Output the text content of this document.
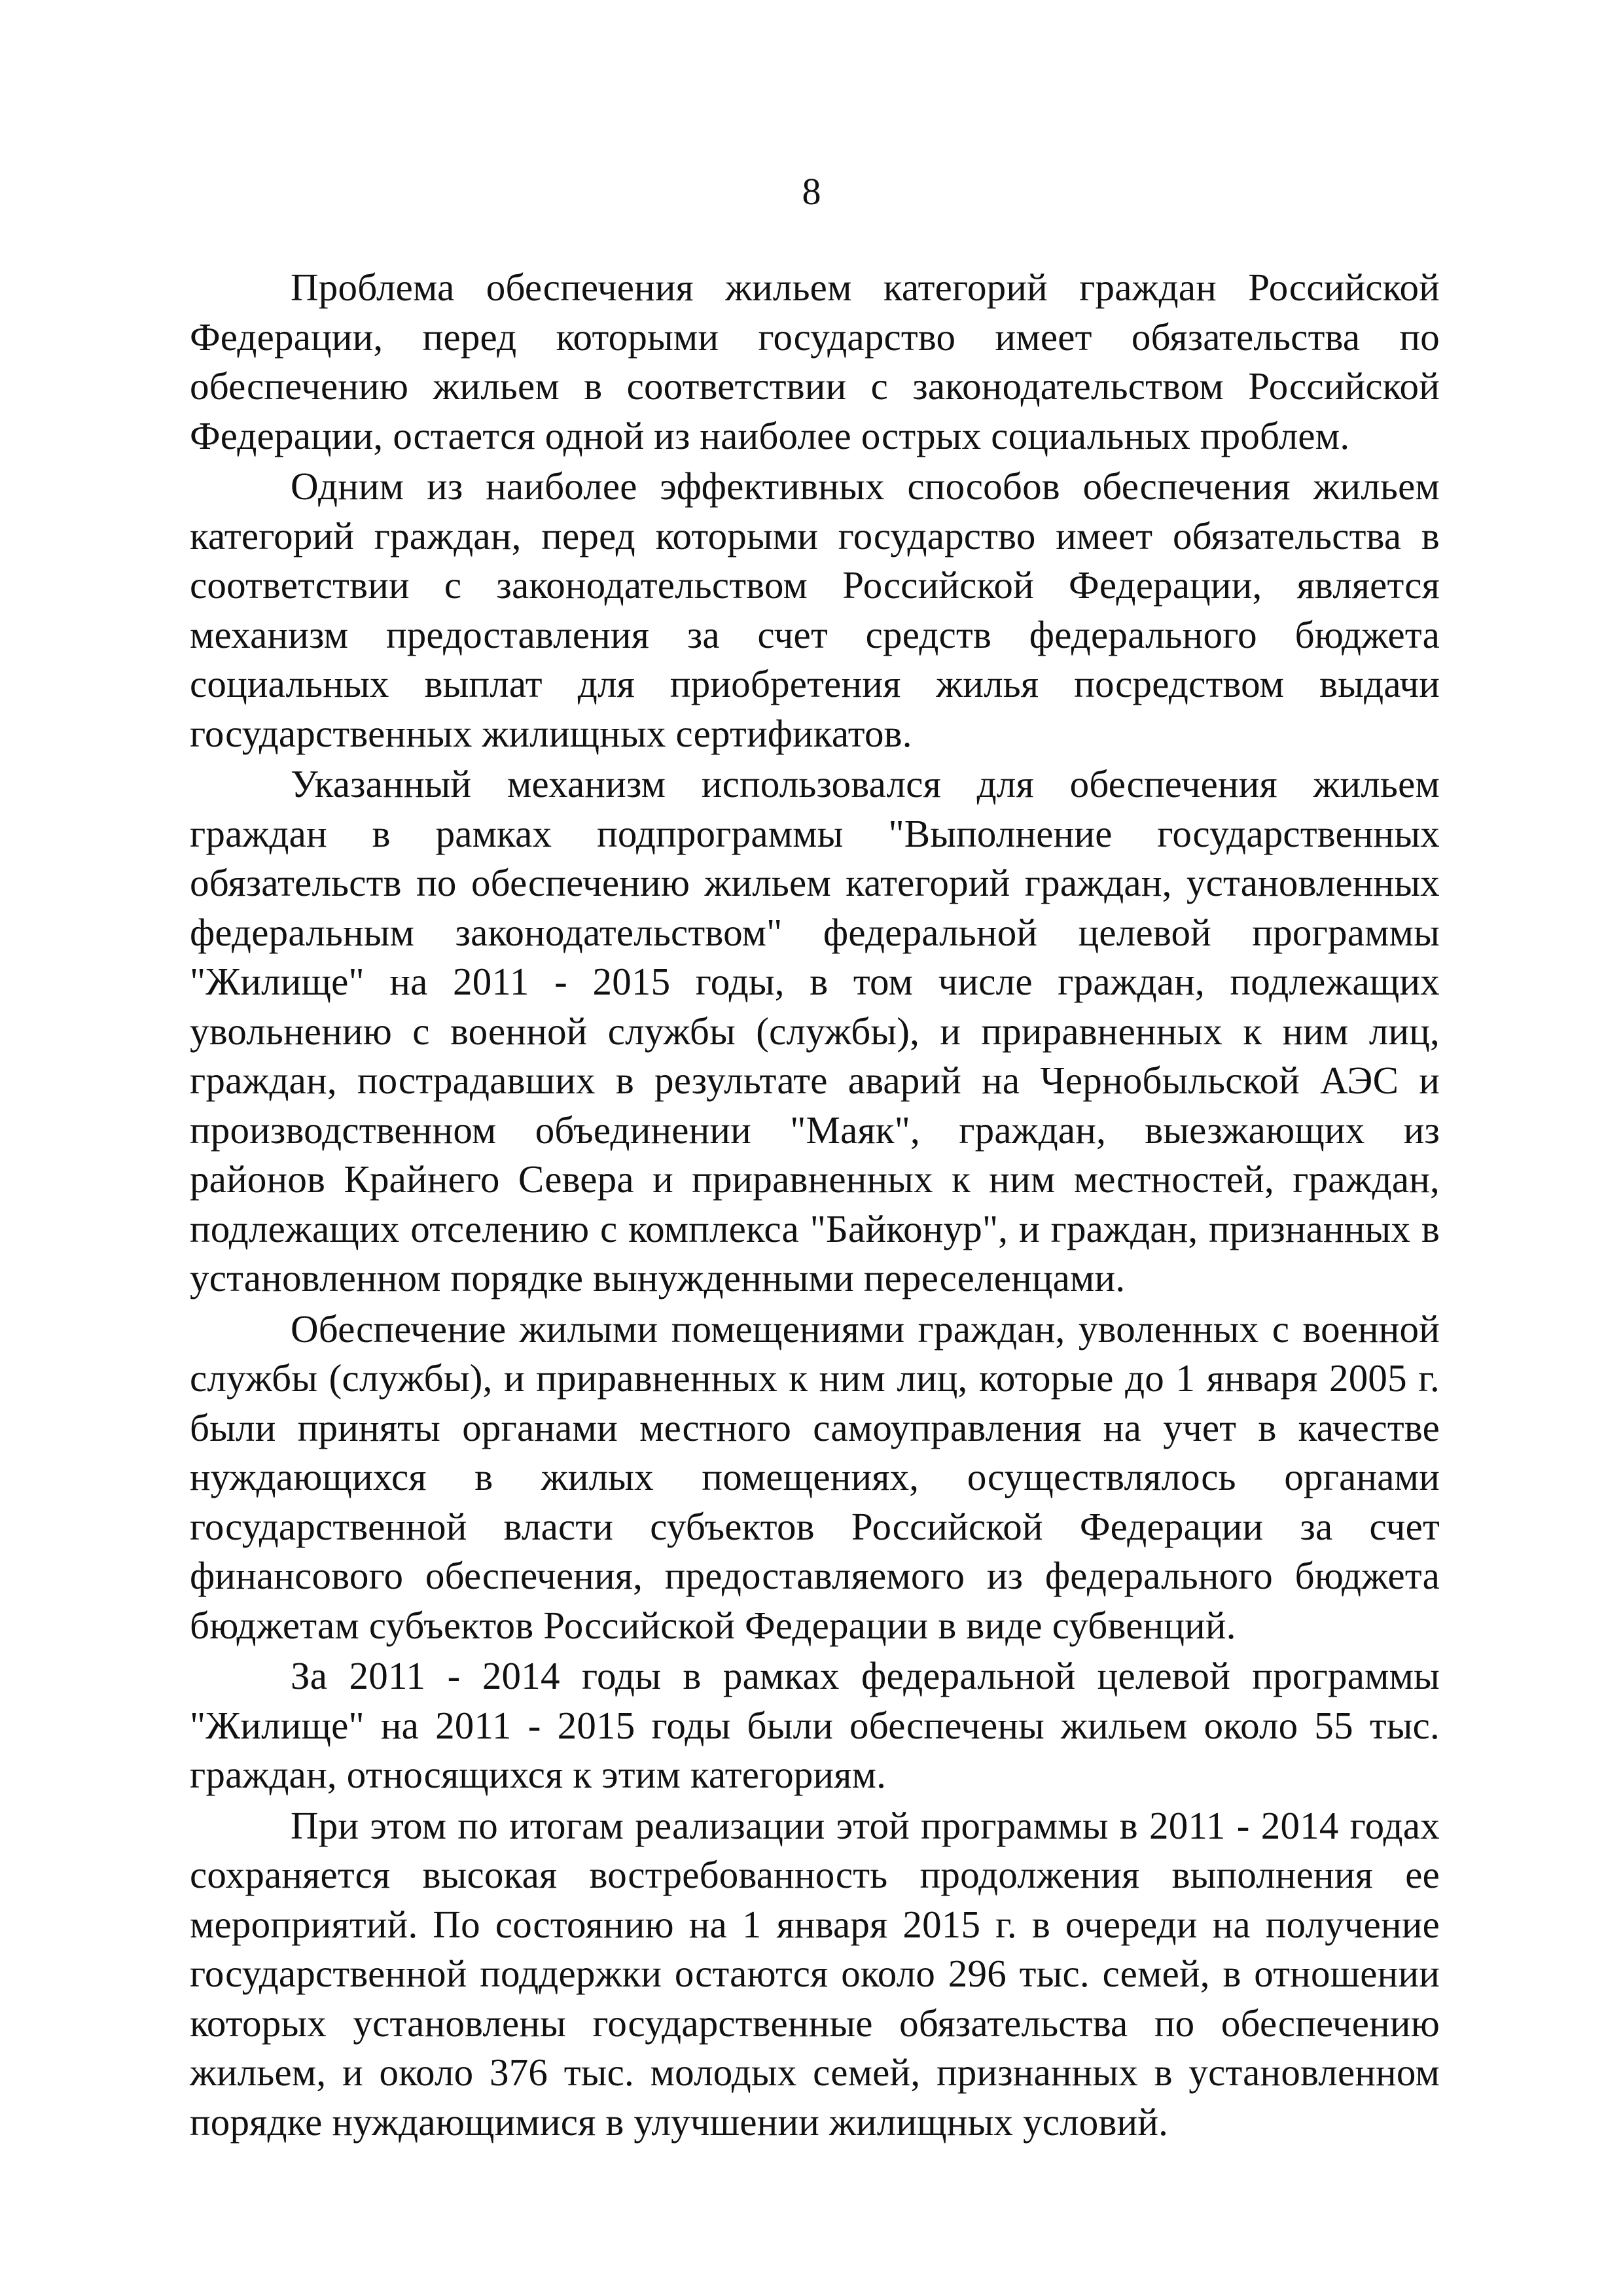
8

Проблема обеспечения жильем категорий граждан Российской Федерации, перед которыми государство имеет обязательства по обеспечению жильем в соответствии с законодательством Российской Федерации, остается одной из наиболее острых социальных проблем.

Одним из наиболее эффективных способов обеспечения жильем категорий граждан, перед которыми государство имеет обязательства в соответствии с законодательством Российской Федерации, является механизм предоставления за счет средств федерального бюджета социальных выплат для приобретения жилья посредством выдачи государственных жилищных сертификатов.

Указанный механизм использовался для обеспечения жильем граждан в рамках подпрограммы "Выполнение государственных обязательств по обеспечению жильем категорий граждан, установленных федеральным законодательством" федеральной целевой программы "Жилище" на 2011 - 2015 годы, в том числе граждан, подлежащих увольнению с военной службы (службы), и приравненных к ним лиц, граждан, пострадавших в результате аварий на Чернобыльской АЭС и производственном объединении "Маяк", граждан, выезжающих из районов Крайнего Севера и приравненных к ним местностей, граждан, подлежащих отселению с комплекса "Байконур", и граждан, признанных в установленном порядке вынужденными переселенцами.

Обеспечение жилыми помещениями граждан, уволенных с военной службы (службы), и приравненных к ним лиц, которые до 1 января 2005 г. были приняты органами местного самоуправления на учет в качестве нуждающихся в жилых помещениях, осуществлялось органами государственной власти субъектов Российской Федерации за счет финансового обеспечения, предоставляемого из федерального бюджета бюджетам субъектов Российской Федерации в виде субвенций.

За 2011 - 2014 годы в рамках федеральной целевой программы "Жилище" на 2011 - 2015 годы были обеспечены жильем около 55 тыс. граждан, относящихся к этим категориям.

При этом по итогам реализации этой программы в 2011 - 2014 годах сохраняется высокая востребованность продолжения выполнения ее мероприятий. По состоянию на 1 января 2015 г. в очереди на получение государственной поддержки остаются около 296 тыс. семей, в отношении которых установлены государственные обязательства по обеспечению жильем, и около 376 тыс. молодых семей, признанных в установленном порядке нуждающимися в улучшении жилищных условий.
